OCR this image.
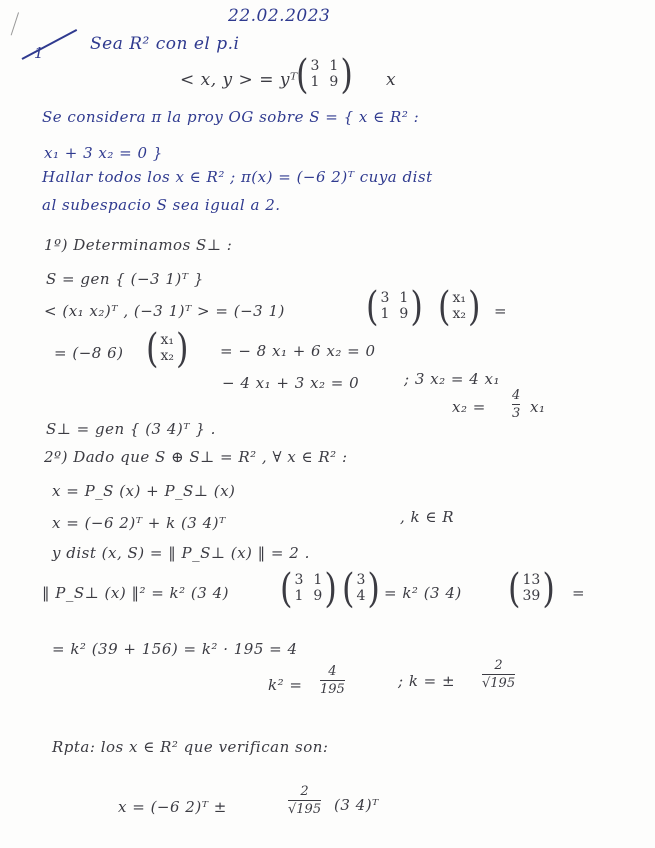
22.02.2023
1	Sea R² con el p.i
< x, y > = yᵀ
( 3 1
1 9 ) x
Se considera π la proy OG sobre S = { x ∈ R² :
x₁ + 3 x₂ = 0 }
Hallar todos los x ∈ R² ; π(x) = (−6 2)ᵀ cuya dist
al subespacio S sea igual a 2.
1º) Determinamos S⊥ :
S = gen { (−3 1)ᵀ }
< (x₁ x₂)ᵀ , (−3 1)ᵀ > = (−3 1)	( 3 1
1 9 ) ( x₁
x₂ ) =
= (−8 6) ( x₁
x₂ ) = − 8 x₁ + 6 x₂ = 0
− 4 x₁ + 3 x₂ = 0	; 3 x₂ = 4 x₁
x₂ =
4
3 x₁
S⊥ = gen { (3 4)ᵀ } .
2º) Dado que S ⊕ S⊥ = R² , ∀ x ∈ R² :
x = P_S (x) + P_S⊥ (x)
x = (−6 2)ᵀ + k (3 4)ᵀ	, k ∈ R
y dist (x, S) = ‖ P_S⊥ (x) ‖ = 2 .
‖ P_S⊥ (x) ‖² = k² (3 4) ( 3 1
1 9 ) ( 3
4 ) = k² (3 4) ( 13
39 ) =
= k² (39 + 156) = k² · 195 = 4
k² =
4
195	; k = ±
2
√195
Rpta: los x ∈ R² que verifican son:
x = (−6 2)ᵀ ±
2
√195 (3 4)ᵀ
